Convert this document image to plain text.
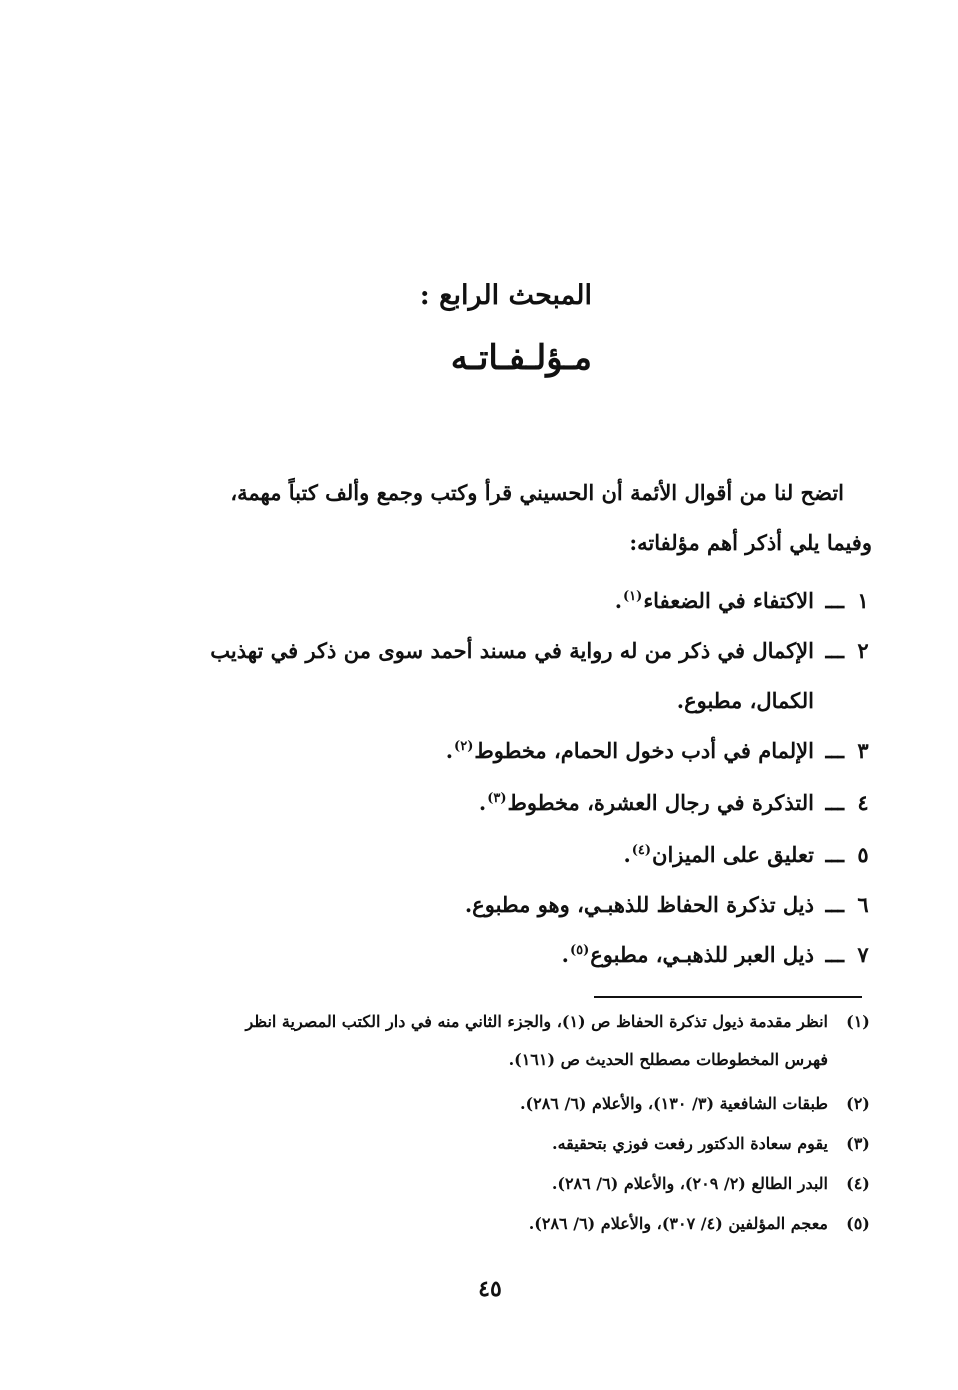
المبحث الرابع :
مـؤلـفـاتـه
اتضح لنا من أقوال الأئمة أن الحسيني قرأ وكتب وجمع وألف كتباً مهمة،
وفيما يلي أذكر أهم مؤلفاته:
١
ـــ
الاكتفاء في الضعفاء$^{(١)}$.
٢
ـــ
الإكمال في ذكر من له رواية في مسند أحمد سوى من ذكر في تهذيب
الكمال، مطبوع.
٣
ـــ
الإلمام في أدب دخول الحمام، مخطوط$^{(٢)}$.
٤
ـــ
التذكرة في رجال العشرة، مخطوط$^{(٣)}$.
٥
ـــ
تعليق على الميزان$^{(٤)}$.
٦
ـــ
ذيل تذكرة الحفاظ للذهبـي، وهو مطبوع.
٧
ـــ
ذيل العبر للذهبـي، مطبوع$^{(٥)}$.
(١)
انظر مقدمة ذيول تذكرة الحفاظ ص (١)، والجزء الثاني منه في دار الكتب المصرية انظر
فهرس المخطوطات مصطلح الحديث ص (١٦١).
(٢)
طبقات الشافعية (٣/ ١٣٠)، والأعلام (٦/ ٢٨٦).
(٣)
يقوم سعادة الدكتور رفعت فوزي بتحقيقه.
(٤)
البدر الطالع (٢/ ٢٠٩)، والأعلام (٦/ ٢٨٦).
(٥)
معجم المؤلفين (٤/ ٣٠٧)، والأعلام (٦/ ٢٨٦).
٤٥
